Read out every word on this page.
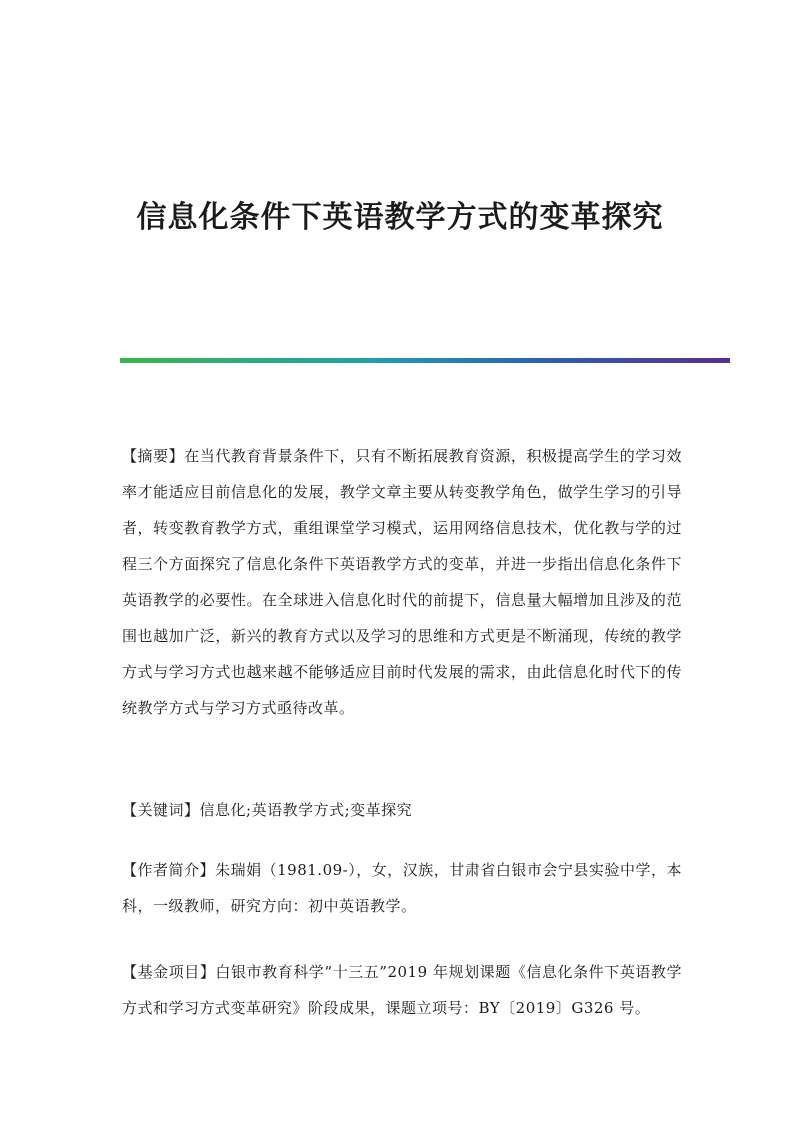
信息化条件下英语教学方式的变革探究

【摘要】在当代教育背景条件下，只有不断拓展教育资源，积极提高学生的学习效率才能适应目前信息化的发展，教学文章主要从转变教学角色，做学生学习的引导者，转变教育教学方式，重组课堂学习模式，运用网络信息技术，优化教与学的过程三个方面探究了信息化条件下英语教学方式的变革，并进一步指出信息化条件下英语教学的必要性。在全球进入信息化时代的前提下，信息量大幅增加且涉及的范围也越加广泛，新兴的教育方式以及学习的思维和方式更是不断涌现，传统的教学方式与学习方式也越来越不能够适应目前时代发展的需求，由此信息化时代下的传统教学方式与学习方式亟待改革。

【关键词】信息化;英语教学方式;变革探究

【作者简介】朱瑞娟（1981.09-），女，汉族，甘肃省白银市会宁县实验中学，本科，一级教师，研究方向：初中英语教学。

【基金项目】白银市教育科学“十三五”2019 年规划课题《信息化条件下英语教学方式和学习方式变革研究》阶段成果，课题立项号：BY〔2019〕G326 号。
